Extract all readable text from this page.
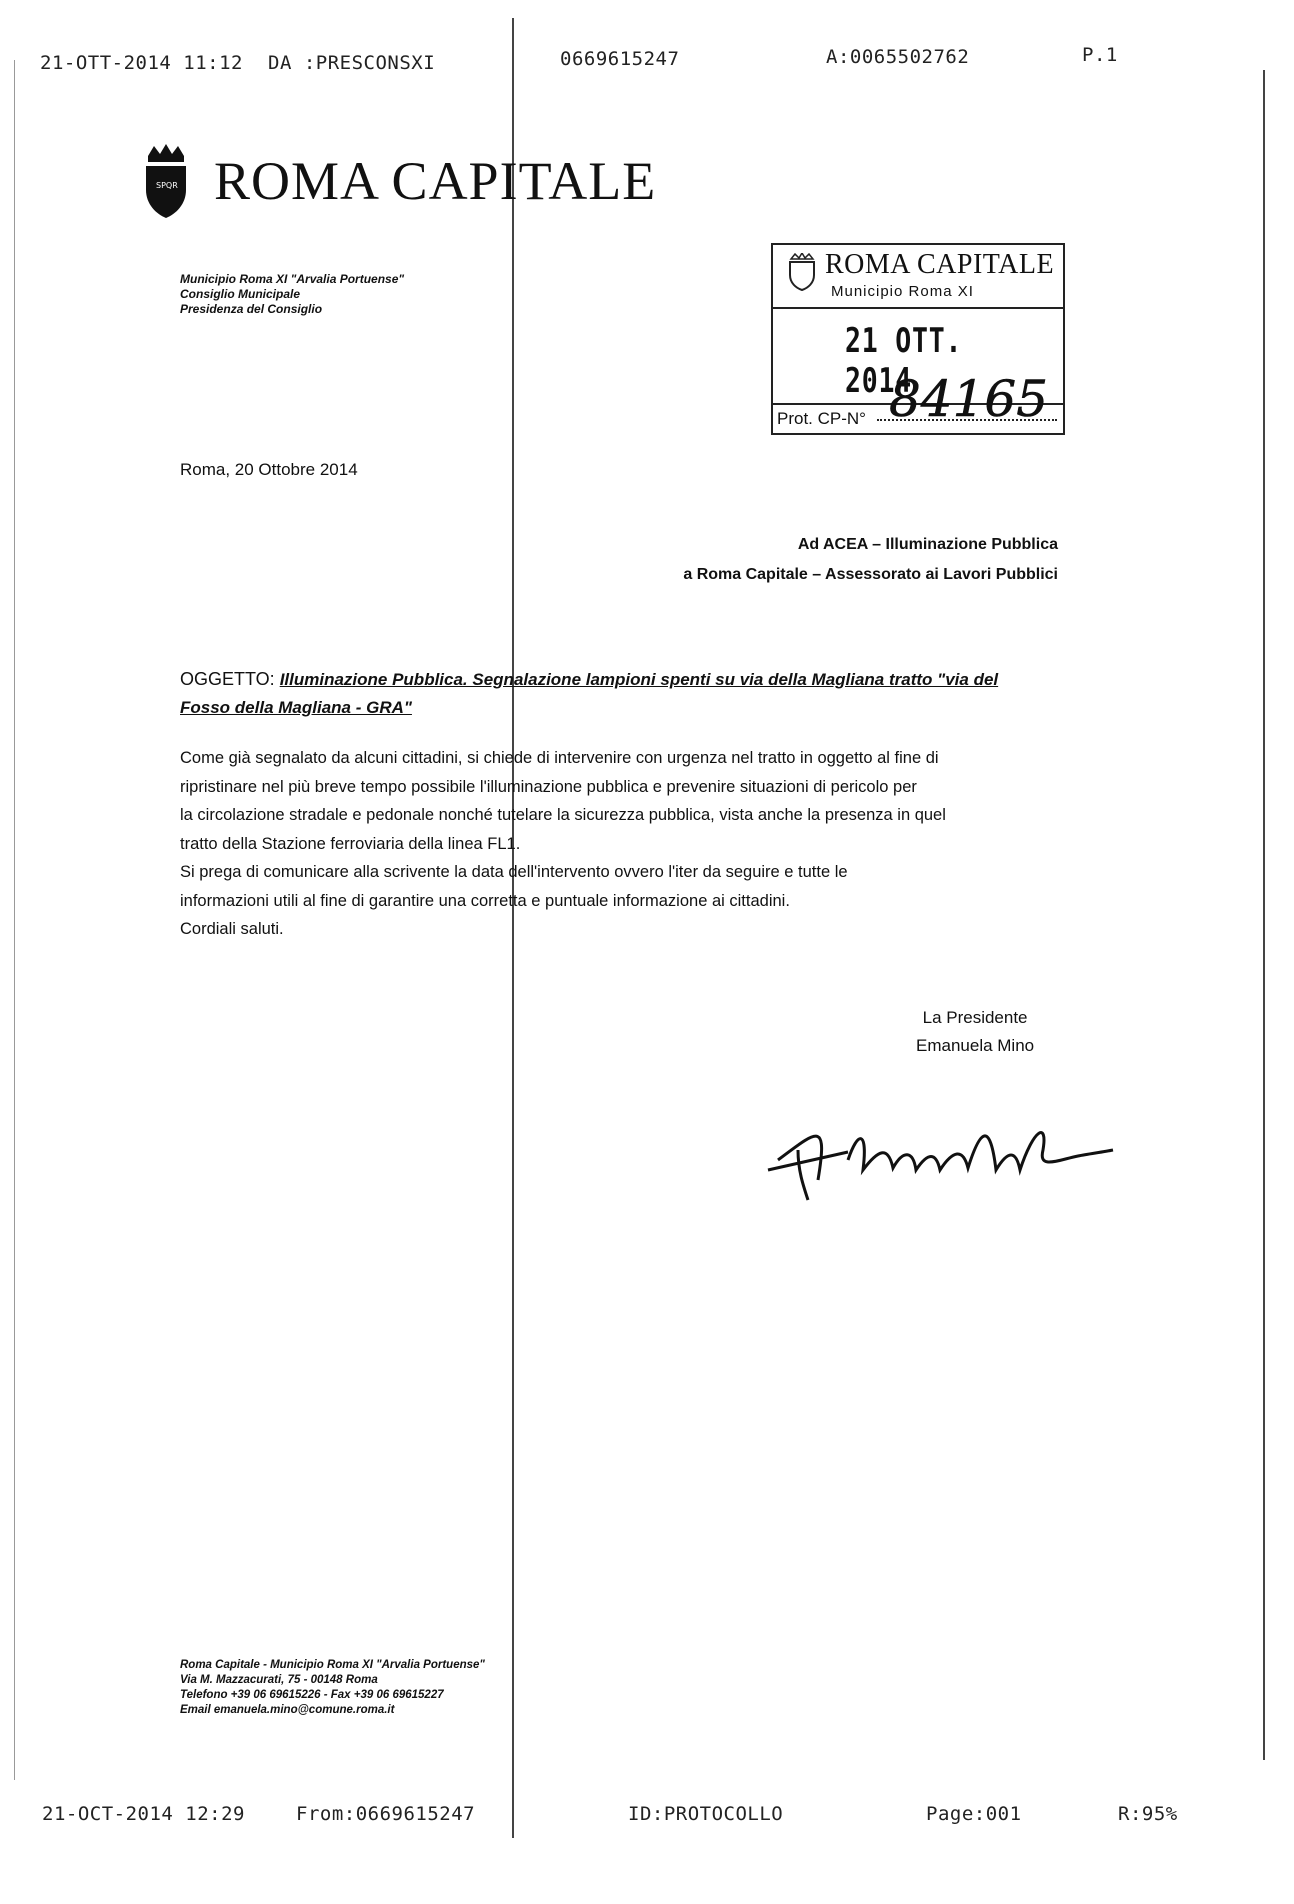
21-OTT-2014 11:12 DA :PRESCONSXI	0669615247	A:0065502762	P.1
SPQR ROMA CAPITALE
Municipio Roma XI "Arvalia Portuense"
Consiglio Municipale
Presidenza del Consiglio
ROMA CAPITALE
Municipio Roma XI
21 OTT. 2014
Prot. CP-N° 84165
Roma, 20 Ottobre 2014
Ad ACEA – Illuminazione Pubblica
a Roma Capitale – Assessorato ai Lavori Pubblici
OGGETTO: Illuminazione Pubblica. Segnalazione lampioni spenti su via della Magliana tratto "via del
Fosso della Magliana - GRA"
Come già segnalato da alcuni cittadini, si chiede di intervenire con urgenza nel tratto in oggetto al fine di
ripristinare nel più breve tempo possibile l'illuminazione pubblica e prevenire situazioni di pericolo per
la circolazione stradale e pedonale nonché tutelare la sicurezza pubblica, vista anche la presenza in quel
tratto della Stazione ferroviaria della linea FL1.
Si prega di comunicare alla scrivente la data dell'intervento ovvero l'iter da seguire e tutte le
informazioni utili al fine di garantire una corretta e puntuale informazione ai cittadini.
Cordiali saluti.
La Presidente
Emanuela Mino
Roma Capitale - Municipio Roma XI "Arvalia Portuense"
Via M. Mazzacurati, 75 - 00148 Roma
Telefono +39 06 69615226 - Fax +39 06 69615227
Email emanuela.mino@comune.roma.it
21-OCT-2014 12:29	From:0669615247	ID:PROTOCOLLO	Page:001	R:95%
